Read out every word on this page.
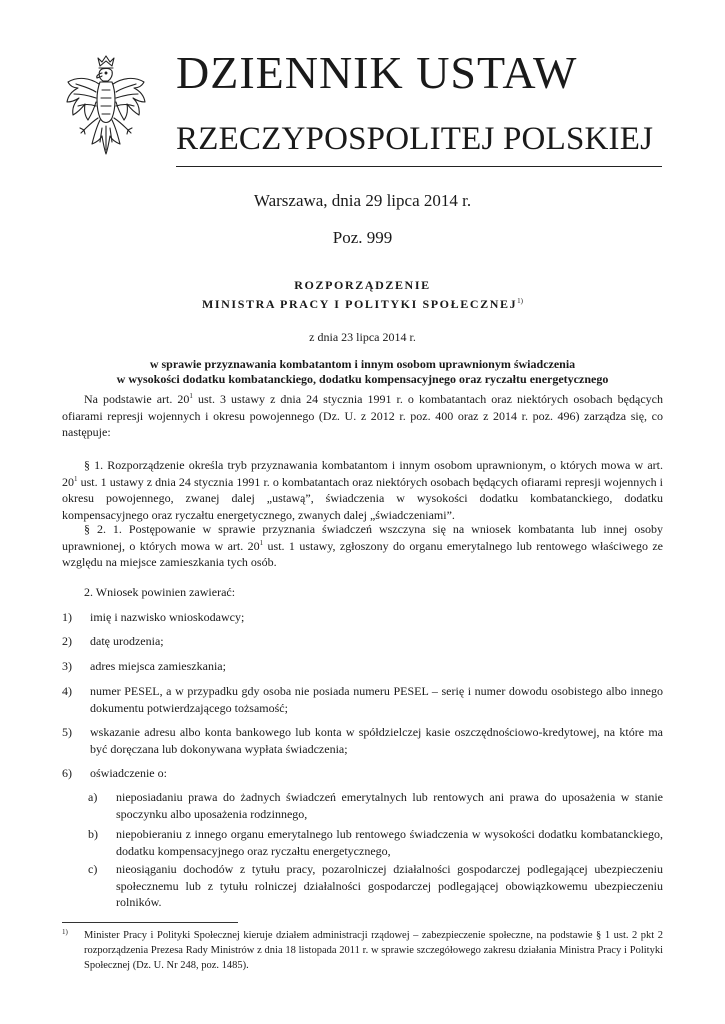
DZIENNIK USTAW
RZECZYPOSPOLITEJ POLSKIEJ
Warszawa, dnia 29 lipca 2014 r.
Poz. 999
ROZPORZĄDZENIE
MINISTRA PRACY I POLITYKI SPOŁECZNEJ$^{1)}$
z dnia 23 lipca 2014 r.
w sprawie przyznawania kombatantom i innym osobom uprawnionym świadczenia
w wysokości dodatku kombatanckiego, dodatku kompensacyjnego oraz ryczałtu energetycznego
Na podstawie art. $20^1$ ust. 3 ustawy z dnia 24 stycznia 1991 r. o kombatantach oraz niektórych osobach będących ofiarami represji wojennych i okresu powojennego (Dz. U. z 2012 r. poz. 400 oraz z 2014 r. poz. 496) zarządza się, co następuje:
§ 1. Rozporządzenie określa tryb przyznawania kombatantom i innym osobom uprawnionym, o których mowa w art. $20^1$ ust. 1 ustawy z dnia 24 stycznia 1991 r. o kombatantach oraz niektórych osobach będących ofiarami represji wojennych i okresu powojennego, zwanej dalej „ustawą”, świadczenia w wysokości dodatku kombatanckiego, dodatku kompensacyjnego oraz ryczałtu energetycznego, zwanych dalej „świadczeniami”.
§ 2. 1. Postępowanie w sprawie przyznania świadczeń wszczyna się na wniosek kombatanta lub innej osoby uprawnionej, o których mowa w art. $20^1$ ust. 1 ustawy, zgłoszony do organu emerytalnego lub rentowego właściwego ze względu na miejsce zamieszkania tych osób.
2. Wniosek powinien zawierać:
1) imię i nazwisko wnioskodawcy;
2) datę urodzenia;
3) adres miejsca zamieszkania;
4) numer PESEL, a w przypadku gdy osoba nie posiada numeru PESEL – serię i numer dowodu osobistego albo innego dokumentu potwierdzającego tożsamość;
5) wskazanie adresu albo konta bankowego lub konta w spółdzielczej kasie oszczędnościowo-kredytowej, na które ma być doręczana lub dokonywana wypłata świadczenia;
6) oświadczenie o:
a) nieposiadaniu prawa do żadnych świadczeń emerytalnych lub rentowych ani prawa do uposażenia w stanie spoczynku albo uposażenia rodzinnego,
b) niepobieraniu z innego organu emerytalnego lub rentowego świadczenia w wysokości dodatku kombatanckiego, dodatku kompensacyjnego oraz ryczałtu energetycznego,
c) nieosiąganiu dochodów z tytułu pracy, pozarolniczej działalności gospodarczej podlegającej ubezpieczeniu społecznemu lub z tytułu rolniczej działalności gospodarczej podlegającej obowiązkowemu ubezpieczeniu rolników.
1) Minister Pracy i Polityki Społecznej kieruje działem administracji rządowej – zabezpieczenie społeczne, na podstawie § 1 ust. 2 pkt 2 rozporządzenia Prezesa Rady Ministrów z dnia 18 listopada 2011 r. w sprawie szczegółowego zakresu działania Ministra Pracy i Polityki Społecznej (Dz. U. Nr 248, poz. 1485).
